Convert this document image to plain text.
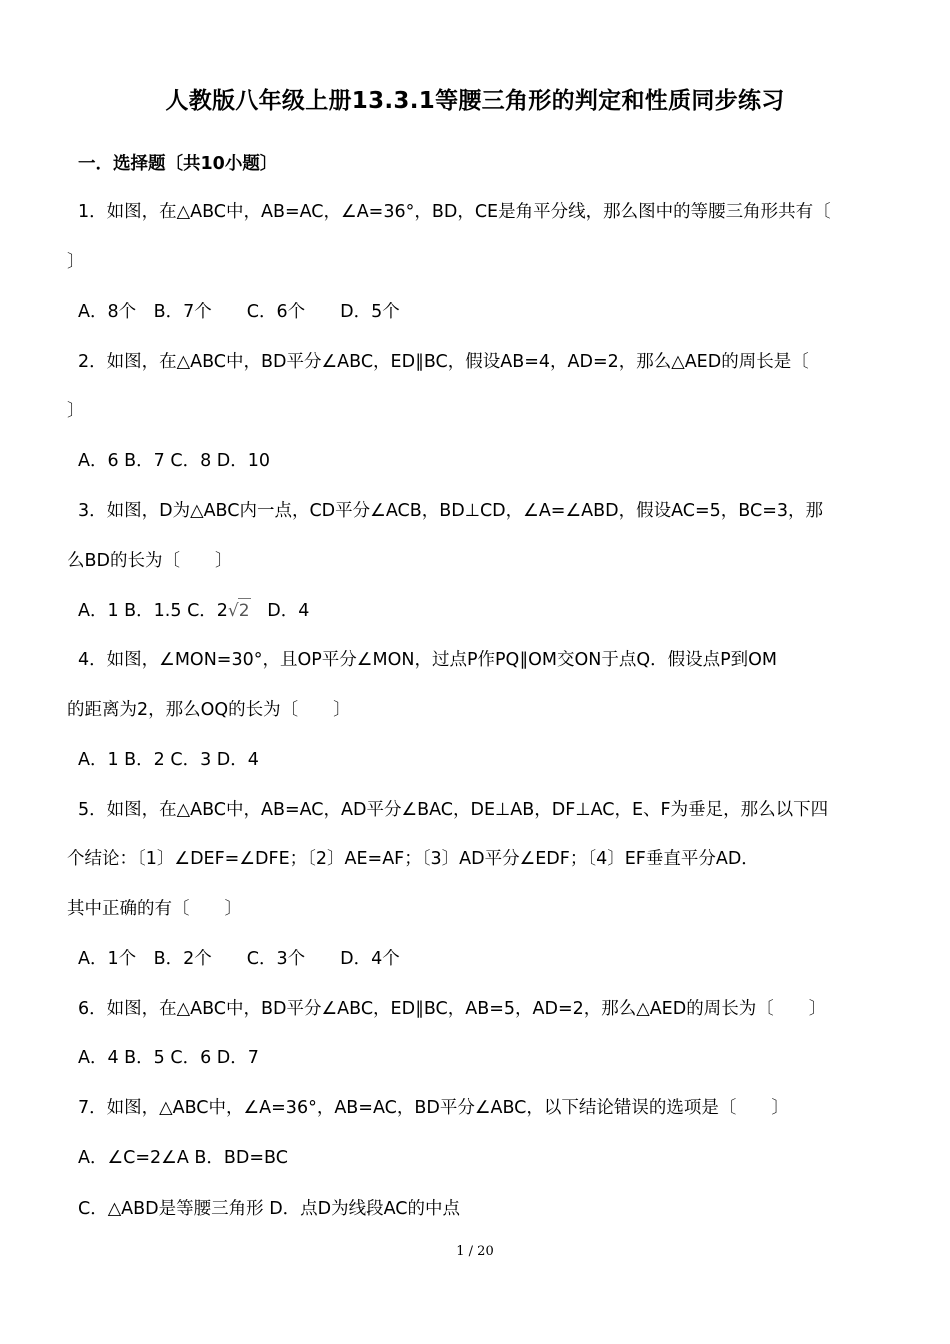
人教版八年级上册13.3.1等腰三角形的判定和性质同步练习
一．选择题〔共10小题〕
1．如图，在△ABC中，AB=AC，∠A=36°，BD，CE是角平分线，那么图中的等腰三角形共有〔
〕
A．8个　B．7个　　C．6个　　D．5个
2．如图，在△ABC中，BD平分∠ABC，ED∥BC，假设AB=4，AD=2，那么△AED的周长是〔
〕
A．6 B．7 C．8 D．10
3．如图，D为△ABC内一点，CD平分∠ACB，BD⊥CD，∠A=∠ABD，假设AC=5，BC=3，那
么BD的长为〔　　〕
A．1 B．1.5 C．2√2   D．4
4．如图，∠MON=30°，且OP平分∠MON，过点P作PQ∥OM交ON于点Q．假设点P到OM
的距离为2，那么OQ的长为〔　　〕
A．1 B．2 C．3 D．4
5．如图，在△ABC中，AB=AC，AD平分∠BAC，DE⊥AB，DF⊥AC，E、F为垂足，那么以下四
个结论：〔1〕∠DEF=∠DFE；〔2〕AE=AF；〔3〕AD平分∠EDF；〔4〕EF垂直平分AD．
其中正确的有〔　　〕
A．1个　B．2个　　C．3个　　D．4个
6．如图，在△ABC中，BD平分∠ABC，ED∥BC，AB=5，AD=2，那么△AED的周长为〔　　〕
A．4 B．5 C．6 D．7
7．如图，△ABC中，∠A=36°，AB=AC，BD平分∠ABC，以下结论错误的选项是〔　　〕
A．∠C=2∠A B．BD=BC
C．△ABD是等腰三角形 D．点D为线段AC的中点
1 / 20
